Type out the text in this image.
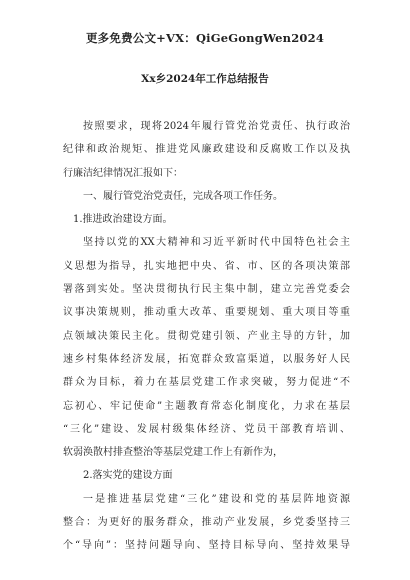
更多免费公文+VX：QiGeGongWen2024
Xx乡2024年工作总结报告
按照要求，现将2024年履行管党治党责任、执行政治
纪律和政治规矩、推进党风廉政建设和反腐败工作以及执
行廉洁纪律情况汇报如下：
一、履行管党治党责任，完成各项工作任务。
1.推进政治建设方面。
坚持以党的XX大精神和习近平新时代中国特色社会主
义思想为指导，扎实地把中央、省、市、区的各项决策部
署落到实处。坚决贯彻执行民主集中制，建立完善党委会
议事决策规则，推动重大改革、重要规划、重大项目等重
点领域决策民主化。贯彻党建引领、产业主导的方针，加
速乡村集体经济发展，拓宽群众致富渠道，以服务好人民
群众为目标，着力在基层党建工作求突破，努力促进“不
忘初心、牢记使命”主题教育常态化制度化，力求在基层
“三化”建设、发展村级集体经济、党员干部教育培训、
软弱涣散村排查整治等基层党建工作上有新作为，
2.落实党的建设方面
一是推进基层党建“三化”建设和党的基层阵地资源
整合：为更好的服务群众，推动产业发展，乡党委坚持三
个“导向”：坚持问题导向、坚持目标导向、坚持效果导
